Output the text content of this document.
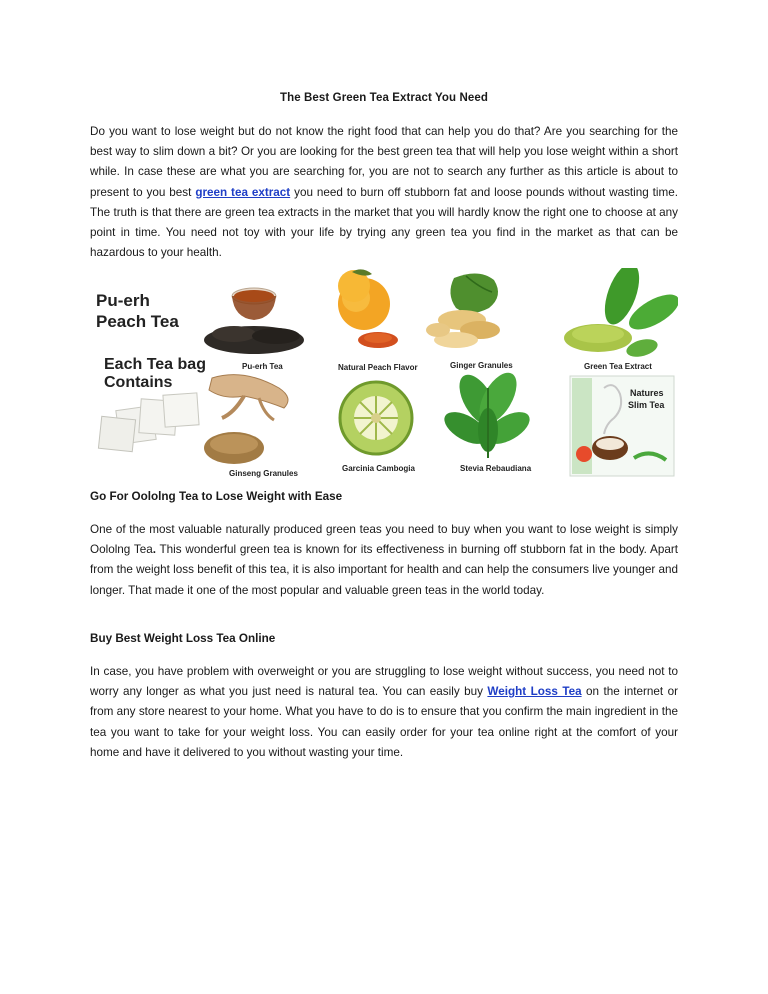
The Best Green Tea Extract You Need

Do you want to lose weight but do not know the right food that can help you do that? Are you searching for the best way to slim down a bit? Or you are looking for the best green tea that will help you lose weight within a short while. In case these are what you are searching for, you are not to search any further as this article is about to present to you best green tea extract you need to burn off stubborn fat and loose pounds without wasting time. The truth is that there are green tea extracts in the market that you will hardly know the right one to choose at any point in time. You need not toy with your life by trying any green tea you find in the market as that can be hazardous to your health.

Pu-erh
Peach Tea
Each Tea bag
Contains
Pu-erh Tea
Ginseng Granules
Natural Peach Flavor
Garcinia Cambogia
Ginger Granules
Stevia Rebaudiana
Green Tea Extract
Natures
Slim Tea
Go For Oololng Tea to Lose Weight with Ease

One of the most valuable naturally produced green teas you need to buy when you want to lose weight is simply Oololng Tea. This wonderful green tea is known for its effectiveness in burning off stubborn fat in the body. Apart from the weight loss benefit of this tea, it is also important for health and can help the consumers live younger and longer. That made it one of the most popular and valuable green teas in the world today.

Buy Best Weight Loss Tea Online

In case, you have problem with overweight or you are struggling to lose weight without success, you need not to worry any longer as what you just need is natural tea. You can easily buy Weight Loss Tea on the internet or from any store nearest to your home. What you have to do is to ensure that you confirm the main ingredient in the tea you want to take for your weight loss. You can easily order for your tea online right at the comfort of your home and have it delivered to you without wasting your time.
